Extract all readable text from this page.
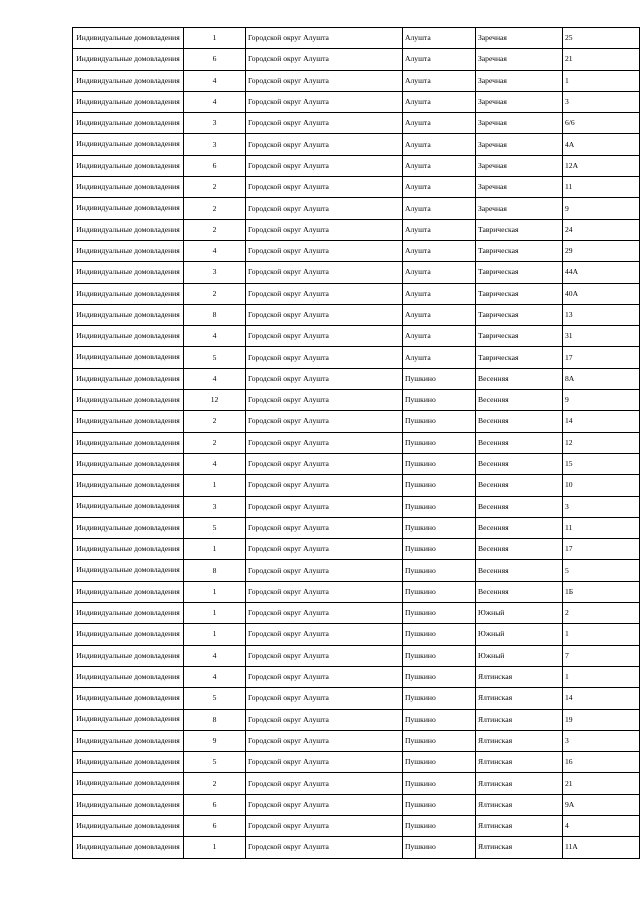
Индивидуальные домовладения	1	Городской округ Алушта	Алушта	Заречная	25
Индивидуальные домовладения	6	Городской округ Алушта	Алушта	Заречная	21
Индивидуальные домовладения	4	Городской округ Алушта	Алушта	Заречная	1
Индивидуальные домовладения	4	Городской округ Алушта	Алушта	Заречная	3
Индивидуальные домовладения	3	Городской округ Алушта	Алушта	Заречная	6/6
Индивидуальные домовладения	3	Городской округ Алушта	Алушта	Заречная	4А
Индивидуальные домовладения	6	Городской округ Алушта	Алушта	Заречная	12А
Индивидуальные домовладения	2	Городской округ Алушта	Алушта	Заречная	11
Индивидуальные домовладения	2	Городской округ Алушта	Алушта	Заречная	9
Индивидуальные домовладения	2	Городской округ Алушта	Алушта	Таврическая	24
Индивидуальные домовладения	4	Городской округ Алушта	Алушта	Таврическая	29
Индивидуальные домовладения	3	Городской округ Алушта	Алушта	Таврическая	44А
Индивидуальные домовладения	2	Городской округ Алушта	Алушта	Таврическая	40А
Индивидуальные домовладения	8	Городской округ Алушта	Алушта	Таврическая	13
Индивидуальные домовладения	4	Городской округ Алушта	Алушта	Таврическая	31
Индивидуальные домовладения	5	Городской округ Алушта	Алушта	Таврическая	17
Индивидуальные домовладения	4	Городской округ Алушта	Пушкино	Весенняя	8А
Индивидуальные домовладения	12	Городской округ Алушта	Пушкино	Весенняя	9
Индивидуальные домовладения	2	Городской округ Алушта	Пушкино	Весенняя	14
Индивидуальные домовладения	2	Городской округ Алушта	Пушкино	Весенняя	12
Индивидуальные домовладения	4	Городской округ Алушта	Пушкино	Весенняя	15
Индивидуальные домовладения	1	Городской округ Алушта	Пушкино	Весенняя	10
Индивидуальные домовладения	3	Городской округ Алушта	Пушкино	Весенняя	3
Индивидуальные домовладения	5	Городской округ Алушта	Пушкино	Весенняя	11
Индивидуальные домовладения	1	Городской округ Алушта	Пушкино	Весенняя	17
Индивидуальные домовладения	8	Городской округ Алушта	Пушкино	Весенняя	5
Индивидуальные домовладения	1	Городской округ Алушта	Пушкино	Весенняя	1Б
Индивидуальные домовладения	1	Городской округ Алушта	Пушкино	Южный	2
Индивидуальные домовладения	1	Городской округ Алушта	Пушкино	Южный	1
Индивидуальные домовладения	4	Городской округ Алушта	Пушкино	Южный	7
Индивидуальные домовладения	4	Городской округ Алушта	Пушкино	Ялтинская	1
Индивидуальные домовладения	5	Городской округ Алушта	Пушкино	Ялтинская	14
Индивидуальные домовладения	8	Городской округ Алушта	Пушкино	Ялтинская	19
Индивидуальные домовладения	9	Городской округ Алушта	Пушкино	Ялтинская	3
Индивидуальные домовладения	5	Городской округ Алушта	Пушкино	Ялтинская	16
Индивидуальные домовладения	2	Городской округ Алушта	Пушкино	Ялтинская	21
Индивидуальные домовладения	6	Городской округ Алушта	Пушкино	Ялтинская	9А
Индивидуальные домовладения	6	Городской округ Алушта	Пушкино	Ялтинская	4
Индивидуальные домовладения	1	Городской округ Алушта	Пушкино	Ялтинская	11А
